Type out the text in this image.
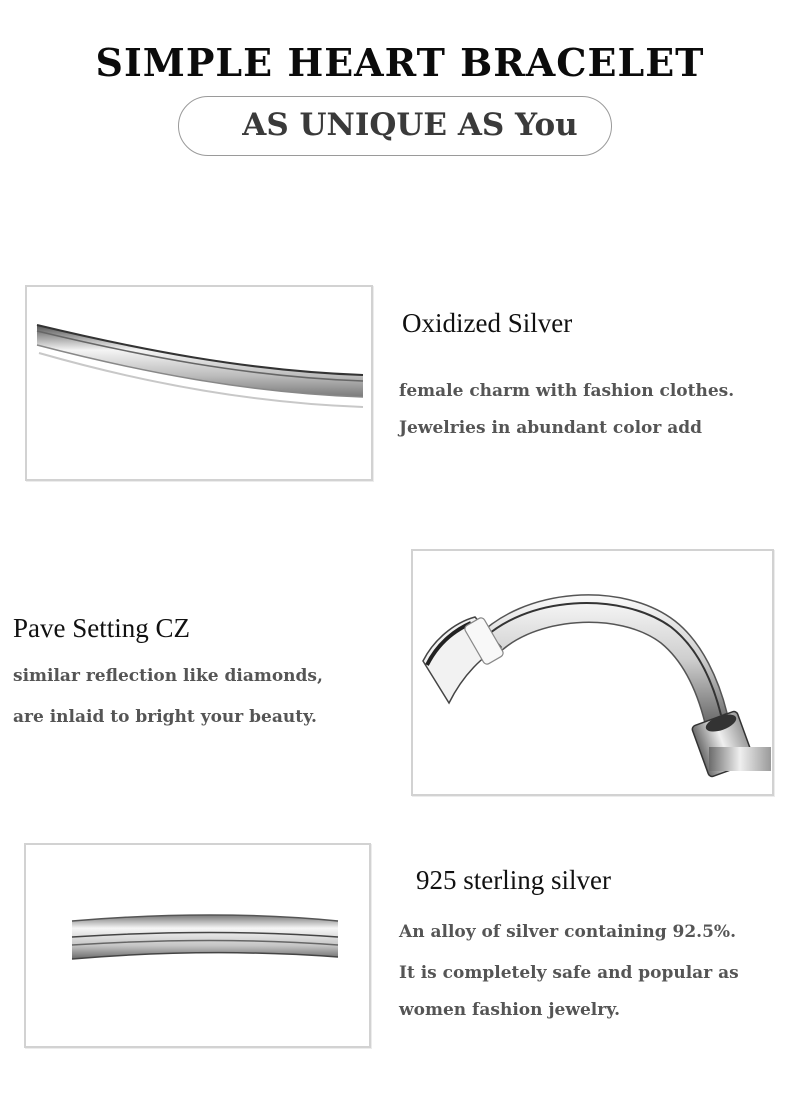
SIMPLE HEART BRACELET
AS UNIQUE AS You
Oxidized Silver
female charm with fashion clothes.
Jewelries in abundant color add
Pave Setting CZ
similar reflection like diamonds,
are inlaid to bright your beauty.
925 sterling silver
An alloy of silver containing 92.5%.
It is completely safe and popular as
women fashion jewelry.
